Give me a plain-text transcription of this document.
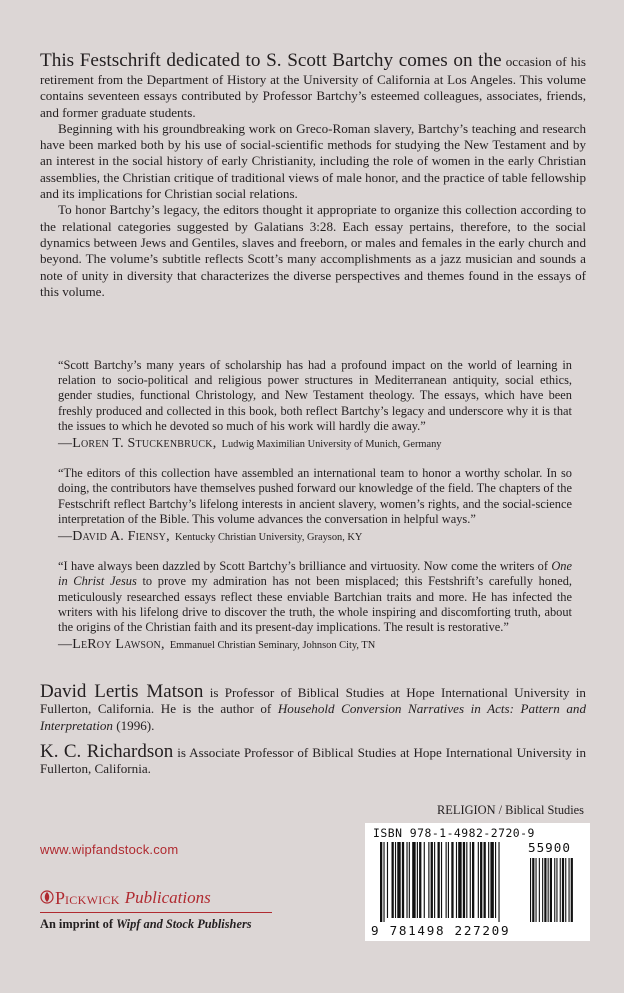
This Festschrift dedicated to S. Scott Bartchy comes on the occasion of his retirement from the Department of History at the University of California at Los Angeles. This volume contains seventeen essays contributed by Professor Bartchy’s esteemed colleagues, associates, friends, and former graduate students.

Beginning with his groundbreaking work on Greco-Roman slavery, Bartchy’s teaching and research have been marked both by his use of social-scientific methods for studying the New Testament and by an interest in the social history of early Christianity, including the role of women in the early Christian assemblies, the Christian critique of traditional views of male honor, and the practice of table fellowship and its implications for Christian social relations.

To honor Bartchy’s legacy, the editors thought it appropriate to organize this collection according to the relational categories suggested by Galatians 3:28. Each essay pertains, therefore, to the social dynamics between Jews and Gentiles, slaves and freeborn, or males and females in the early church and beyond. The volume’s subtitle reflects Scott’s many accomplishments as a jazz musician and sounds a note of unity in diversity that characterizes the diverse perspectives and themes found in the essays of this volume.

“Scott Bartchy’s many years of scholarship has had a profound impact on the world of learning in relation to socio-political and religious power structures in Mediterranean antiquity, social ethics, gender studies, functional Christology, and New Testament theology. The essays, which have been freshly produced and collected in this book, both reflect Bartchy’s legacy and underscore why it is that the issues to which he devoted so much of his work will hardly die away.”

—Loren T. Stuckenbruck, Ludwig Maximilian University of Munich, Germany

“The editors of this collection have assembled an international team to honor a worthy scholar. In so doing, the contributors have themselves pushed forward our knowledge of the field. The chapters of the Festschrift reflect Bartchy’s lifelong interests in ancient slavery, women’s rights, and the social-science interpretation of the Bible. This volume advances the conversation in helpful ways.”

—David A. Fiensy, Kentucky Christian University, Grayson, KY

“I have always been dazzled by Scott Bartchy’s brilliance and virtuosity. Now come the writers of One in Christ Jesus to prove my admiration has not been misplaced; this Festshrift’s carefully honed, meticulously researched essays reflect these enviable Bartchian traits and more. He has infected the writers with his lifelong drive to discover the truth, the whole inspiring and discomforting truth, about the origins of the Christian faith and its present-day implications. The result is restorative.”

—LeRoy Lawson, Emmanuel Christian Seminary, Johnson City, TN

David Lertis Matson is Professor of Biblical Studies at Hope International University in Fullerton, California. He is the author of Household Conversion Narratives in Acts: Pattern and Interpretation (1996).

K. C. Richardson is Associate Professor of Biblical Studies at Hope International University in Fullerton, California.

RELIGION / Biblical Studies
www.wipfandstock.com
Pickwick Publications
An imprint of Wipf and Stock Publishers
ISBN 978-1-4982-2720-9
55900
9 781498 227209
